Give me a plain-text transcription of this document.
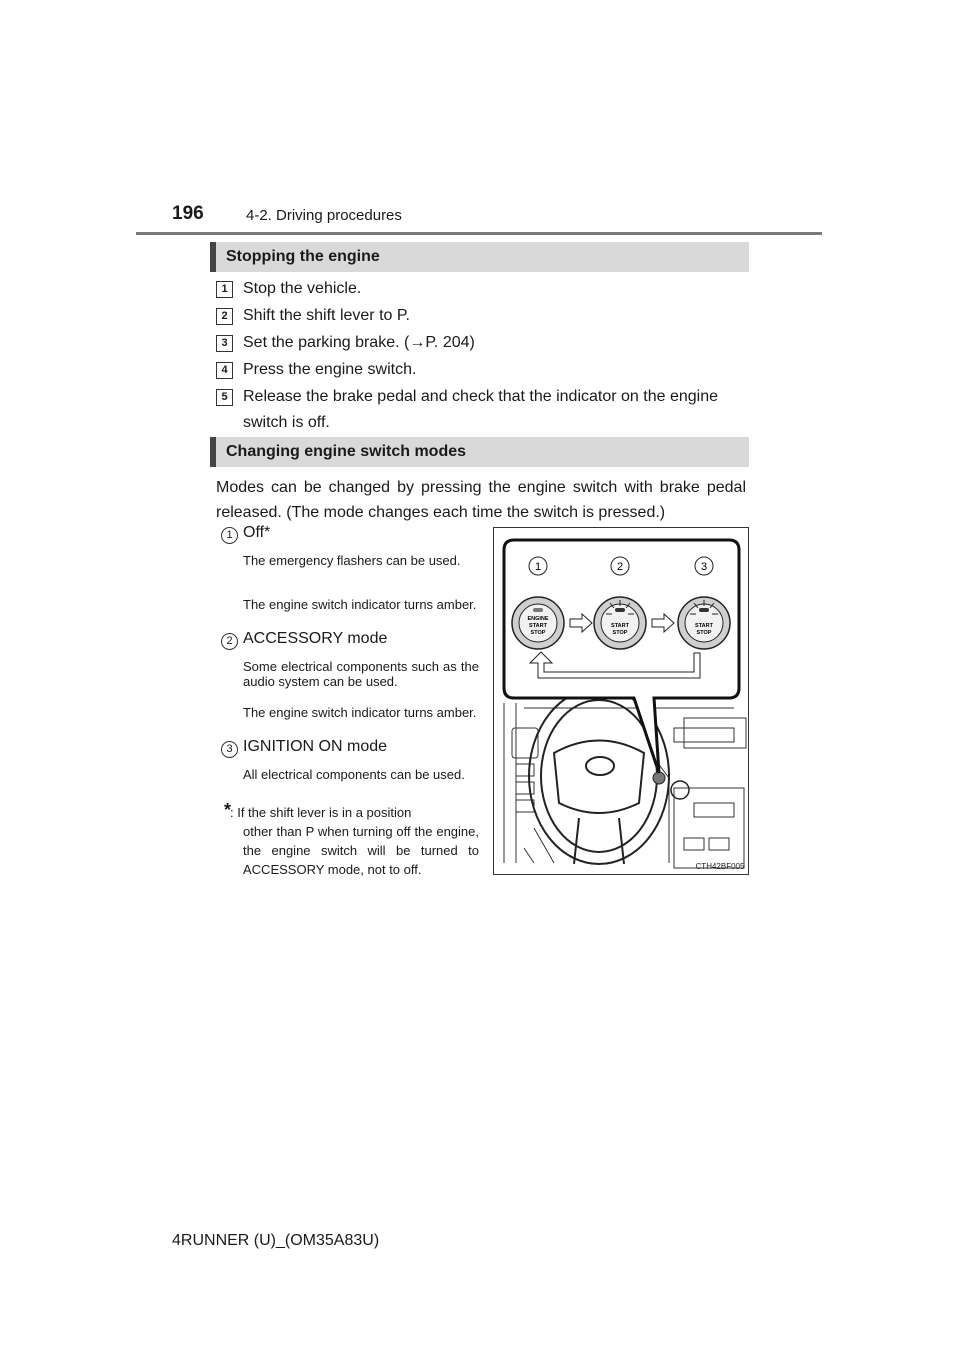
196	4-2. Driving procedures
Stopping the engine
1 Stop the vehicle.
2 Shift the shift lever to P.
3 Set the parking brake. (→P. 204)
4 Press the engine switch.
5 Release the brake pedal and check that the indicator on the engine switch is off.
Changing engine switch modes
Modes can be changed by pressing the engine switch with brake pedal released. (The mode changes each time the switch is pressed.)
1 Off*
The emergency flashers can be used.
The engine switch indicator turns amber.
2 ACCESSORY mode
Some electrical components such as the audio system can be used.
The engine switch indicator turns amber.
3 IGNITION ON mode
All electrical components can be used.
*
: If the shift lever is in a position
other than P when turning off the engine, the engine switch will be turned to ACCESSORY mode, not to off.
1	2	3
ENGINE
START
STOP
START
STOP
START
STOP
CTH42BF005
4RUNNER (U)_(OM35A83U)
